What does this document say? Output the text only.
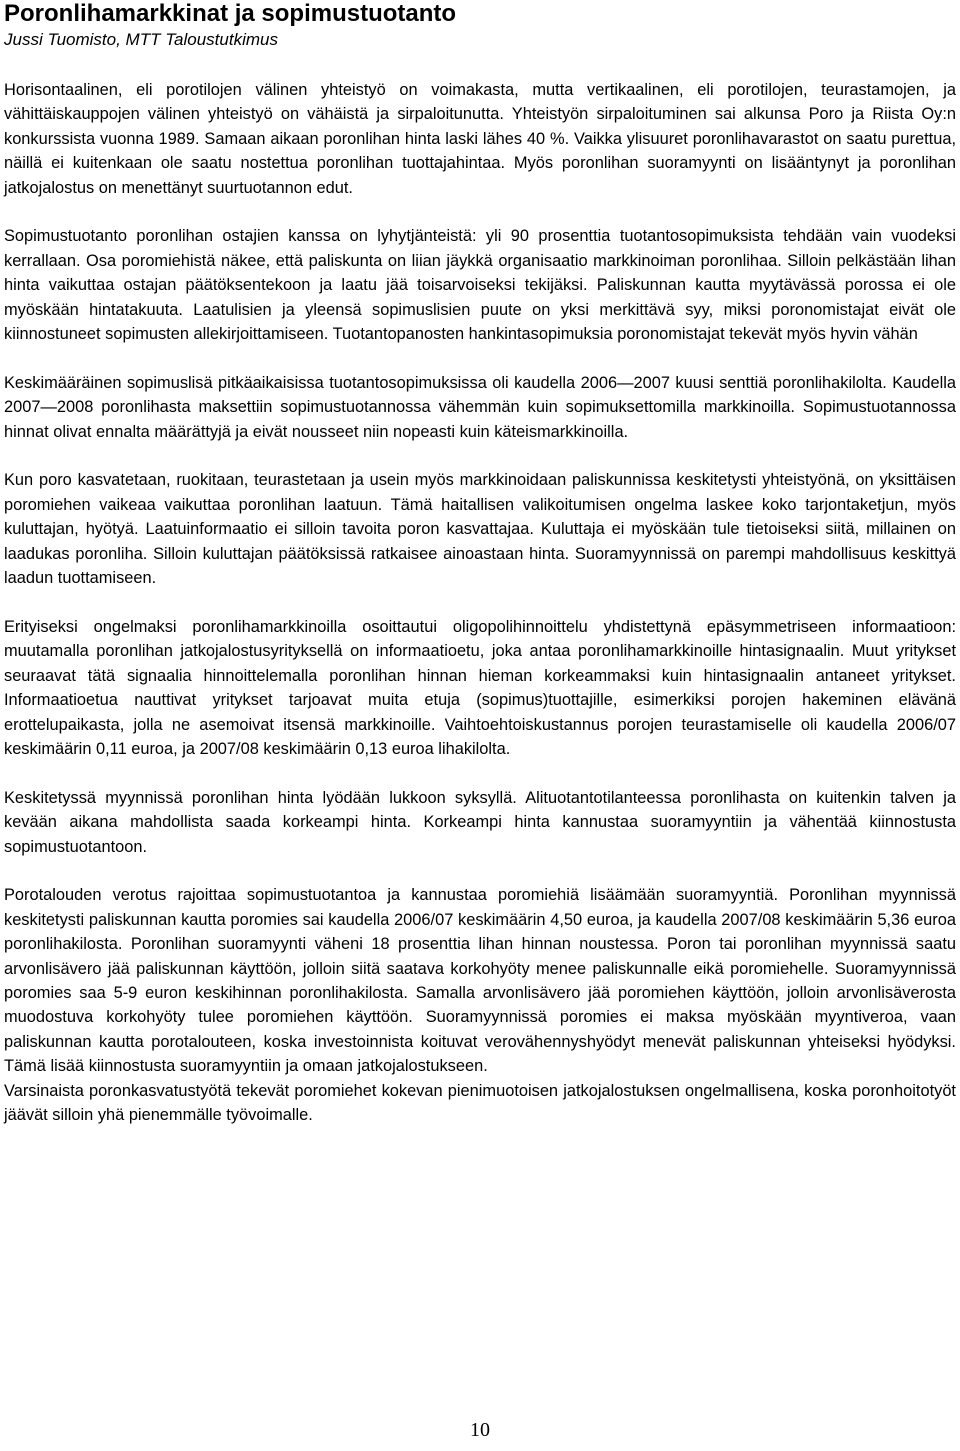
Poronlihamarkkinat ja sopimustuotanto
Jussi Tuomisto, MTT Taloustutkimus

Horisontaalinen, eli porotilojen välinen yhteistyö on voimakasta, mutta vertikaalinen, eli porotilojen, teurastamojen, ja vähittäiskauppojen välinen yhteistyö on vähäistä ja sirpaloitunutta. Yhteistyön sirpaloituminen sai alkunsa Poro ja Riista Oy:n konkurssista vuonna 1989. Samaan aikaan poronlihan hinta laski lähes 40 %. Vaikka ylisuuret poronlihavarastot on saatu purettua, näillä ei kuitenkaan ole saatu nostettua poronlihan tuottajahintaa. Myös poronlihan suoramyynti on lisääntynyt ja poronlihan jatkojalostus on menettänyt suurtuotannon edut.

Sopimustuotanto poronlihan ostajien kanssa on lyhytjänteistä: yli 90 prosenttia tuotantosopimuksista tehdään vain vuodeksi kerrallaan. Osa poromiehistä näkee, että paliskunta on liian jäykkä organisaatio markkinoiman poronlihaa. Silloin pelkästään lihan hinta vaikuttaa ostajan päätöksentekoon ja laatu jää toisarvoiseksi tekijäksi. Paliskunnan kautta myytävässä porossa ei ole myöskään hintatakuuta. Laatulisien ja yleensä sopimuslisien puute on yksi merkittävä syy, miksi poronomistajat eivät ole kiinnostuneet sopimusten allekirjoittamiseen. Tuotantopanosten hankintasopimuksia poronomistajat tekevät myös hyvin vähän

Keskimääräinen sopimuslisä pitkäaikaisissa tuotantosopimuksissa oli kaudella 2006—2007 kuusi senttiä poronlihakilolta. Kaudella 2007—2008 poronlihasta maksettiin sopimustuotannossa vähemmän kuin sopimuksettomilla markkinoilla. Sopimustuotannossa hinnat olivat ennalta määrättyjä ja eivät nousseet niin nopeasti kuin käteismarkkinoilla.

Kun poro kasvatetaan, ruokitaan, teurastetaan ja usein myös markkinoidaan paliskunnissa keskitetysti yhteistyönä, on yksittäisen poromiehen vaikeaa vaikuttaa poronlihan laatuun. Tämä haitallisen valikoitumisen ongelma laskee koko tarjontaketjun, myös kuluttajan, hyötyä. Laatuinformaatio ei silloin tavoita poron kasvattajaa. Kuluttaja ei myöskään tule tietoiseksi siitä, millainen on laadukas poronliha. Silloin kuluttajan päätöksissä ratkaisee ainoastaan hinta. Suoramyynnissä on parempi mahdollisuus keskittyä laadun tuottamiseen.

Erityiseksi ongelmaksi poronlihamarkkinoilla osoittautui oligopolihinnoittelu yhdistettynä epäsymmetriseen informaatioon: muutamalla poronlihan jatkojalostusyrityksellä on informaatioetu, joka antaa poronlihamarkkinoille hintasignaalin. Muut yritykset seuraavat tätä signaalia hinnoittelemalla poronlihan hinnan hieman korkeammaksi kuin hintasignaalin antaneet yritykset. Informaatioetua nauttivat yritykset tarjoavat muita etuja (sopimus)tuottajille, esimerkiksi porojen hakeminen elävänä erottelupaikasta, jolla ne asemoivat itsensä markkinoille. Vaihtoehtoiskustannus porojen teurastamiselle oli kaudella 2006/07 keskimäärin 0,11 euroa, ja 2007/08 keskimäärin 0,13 euroa lihakilolta.

Keskitetyssä myynnissä poronlihan hinta lyödään lukkoon syksyllä. Alituotantotilanteessa poronlihasta on kuitenkin talven ja kevään aikana mahdollista saada korkeampi hinta. Korkeampi hinta kannustaa suoramyyntiin ja vähentää kiinnostusta sopimustuotantoon.

Porotalouden verotus rajoittaa sopimustuotantoa ja kannustaa poromiehiä lisäämään suoramyyntiä. Poronlihan myynnissä keskitetysti paliskunnan kautta poromies sai kaudella 2006/07 keskimäärin 4,50 euroa, ja kaudella 2007/08 keskimäärin 5,36 euroa poronlihakilosta. Poronlihan suoramyynti väheni 18 prosenttia lihan hinnan noustessa. Poron tai poronlihan myynnissä saatu arvonlisävero jää paliskunnan käyttöön, jolloin siitä saatava korkohyöty menee paliskunnalle eikä poromiehelle. Suoramyynnissä poromies saa 5-9 euron keskihinnan poronlihakilosta. Samalla arvonlisävero jää poromiehen käyttöön, jolloin arvonlisäverosta muodostuva korkohyöty tulee poromiehen käyttöön. Suoramyynnissä poromies ei maksa myöskään myyntiveroa, vaan paliskunnan kautta porotalouteen, koska investoinnista koituvat verovähennyshyödyt menevät paliskunnan yhteiseksi hyödyksi. Tämä lisää kiinnostusta suoramyyntiin ja omaan jatkojalostukseen.

Varsinaista poronkasvatustyötä tekevät poromiehet kokevan pienimuotoisen jatkojalostuksen ongelmallisena, koska poronhoitotyöt jäävät silloin yhä pienemmälle työvoimalle.

10
